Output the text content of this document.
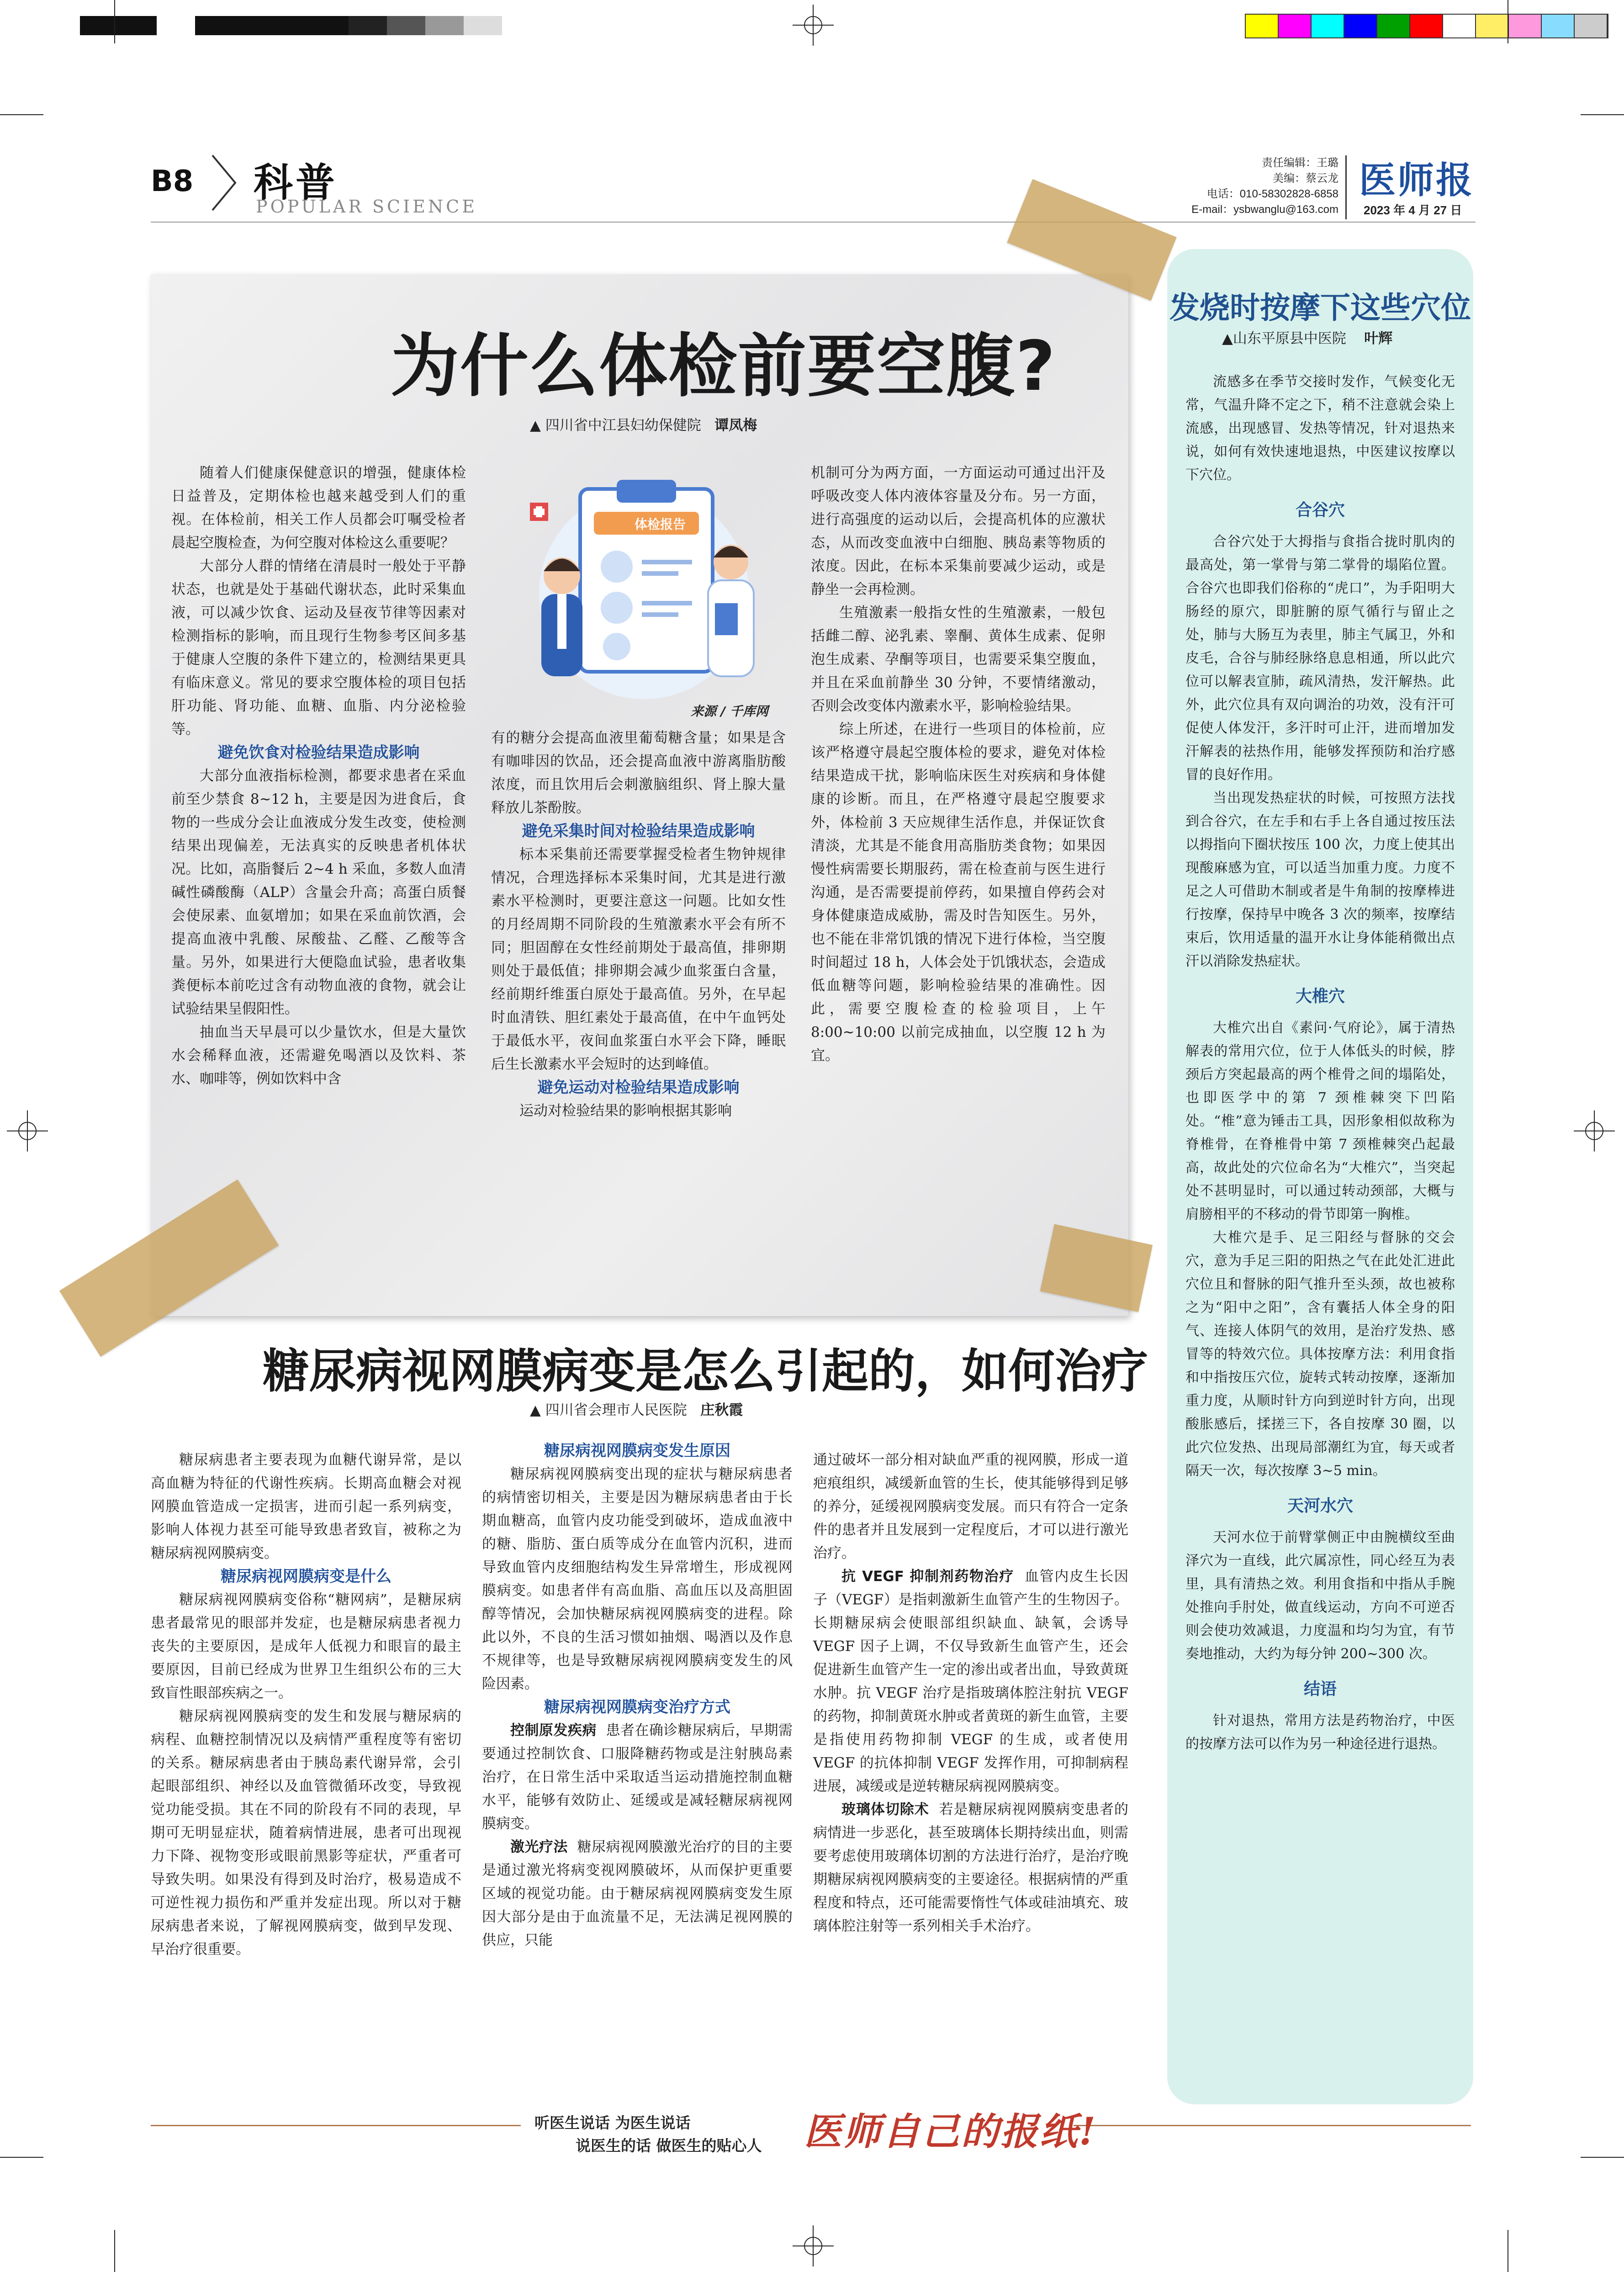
B8 科普
POPULAR SCIENCE
责任编辑：王璐
美编：蔡云龙
电话：010-58302828-6858
E-mail：ysbwanglu@163.com
医师报
2023 年 4 月 27 日
为什么体检前要空腹?
▲ 四川省中江县妇幼保健院 谭凤梅

随着人们健康保健意识的增强，健康体检日益普及，定期体检也越来越受到人们的重视。在体检前，相关工作人员都会叮嘱受检者晨起空腹检查，为何空腹对体检这么重要呢？

大部分人群的情绪在清晨时一般处于平静状态，也就是处于基础代谢状态，此时采集血液，可以减少饮食、运动及昼夜节律等因素对检测指标的影响，而且现行生物参考区间多基于健康人空腹的条件下建立的，检测结果更具有临床意义。常见的要求空腹体检的项目包括肝功能、肾功能、血糖、血脂、内分泌检验等。

避免饮食对检验结果造成影响

大部分血液指标检测，都要求患者在采血前至少禁食 8~12 h，主要是因为进食后，食物的一些成分会让血液成分发生改变，使检测结果出现偏差，无法真实的反映患者机体状况。比如，高脂餐后 2~4 h 采血，多数人血清碱性磷酸酶（ALP）含量会升高；高蛋白质餐会使尿素、血氨增加；如果在采血前饮酒，会提高血液中乳酸、尿酸盐、乙醛、乙酸等含量。另外，如果进行大便隐血试验，患者收集粪便标本前吃过含有动物血液的食物，就会让试验结果呈假阳性。

抽血当天早晨可以少量饮水，但是大量饮水会稀释血液，还需避免喝酒以及饮料、茶水、咖啡等，例如饮料中含

体检报告
来源 / 千库网

有的糖分会提高血液里葡萄糖含量；如果是含有咖啡因的饮品，还会提高血液中游离脂肪酸浓度，而且饮用后会刺激脑组织、肾上腺大量释放儿茶酚胺。

避免采集时间对检验结果造成影响

标本采集前还需要掌握受检者生物钟规律情况，合理选择标本采集时间，尤其是进行激素水平检测时，更要注意这一问题。比如女性的月经周期不同阶段的生殖激素水平会有所不同；胆固醇在女性经前期处于最高值，排卵期则处于最低值；排卵期会减少血浆蛋白含量，经前期纤维蛋白原处于最高值。另外，在早起时血清铁、胆红素处于最高值，在中午血钙处于最低水平，夜间血浆蛋白水平会下降，睡眠后生长激素水平会短时的达到峰值。

避免运动对检验结果造成影响

运动对检验结果的影响根据其影响

机制可分为两方面，一方面运动可通过出汗及呼吸改变人体内液体容量及分布。另一方面，进行高强度的运动以后，会提高机体的应激状态，从而改变血液中白细胞、胰岛素等物质的浓度。因此，在标本采集前要减少运动，或是静坐一会再检测。

生殖激素一般指女性的生殖激素，一般包括雌二醇、泌乳素、睾酮、黄体生成素、促卵泡生成素、孕酮等项目，也需要采集空腹血，并且在采血前静坐 30 分钟，不要情绪激动，否则会改变体内激素水平，影响检验结果。

综上所述，在进行一些项目的体检前，应该严格遵守晨起空腹体检的要求，避免对体检结果造成干扰，影响临床医生对疾病和身体健康的诊断。而且，在严格遵守晨起空腹要求外，体检前 3 天应规律生活作息，并保证饮食清淡，尤其是不能食用高脂肪类食物；如果因慢性病需要长期服药，需在检查前与医生进行沟通，是否需要提前停药，如果擅自停药会对身体健康造成威胁，需及时告知医生。另外，也不能在非常饥饿的情况下进行体检，当空腹时间超过 18 h，人体会处于饥饿状态，会造成低血糖等问题，影响检验结果的准确性。因此，需要空腹检查的检验项目，上午 8:00~10:00 以前完成抽血，以空腹 12 h 为宜。

糖尿病视网膜病变是怎么引起的，如何治疗
▲ 四川省会理市人民医院 庄秋霞

糖尿病患者主要表现为血糖代谢异常，是以高血糖为特征的代谢性疾病。长期高血糖会对视网膜血管造成一定损害，进而引起一系列病变，影响人体视力甚至可能导致患者致盲，被称之为糖尿病视网膜病变。

糖尿病视网膜病变是什么

糖尿病视网膜病变俗称“糖网病”，是糖尿病患者最常见的眼部并发症，也是糖尿病患者视力丧失的主要原因，是成年人低视力和眼盲的最主要原因，目前已经成为世界卫生组织公布的三大致盲性眼部疾病之一。

糖尿病视网膜病变的发生和发展与糖尿病的病程、血糖控制情况以及病情严重程度等有密切的关系。糖尿病患者由于胰岛素代谢异常，会引起眼部组织、神经以及血管微循环改变，导致视觉功能受损。其在不同的阶段有不同的表现，早期可无明显症状，随着病情进展，患者可出现视力下降、视物变形或眼前黑影等症状，严重者可导致失明。如果没有得到及时治疗，极易造成不可逆性视力损伤和严重并发症出现。所以对于糖尿病患者来说，了解视网膜病变，做到早发现、早治疗很重要。

糖尿病视网膜病变发生原因

糖尿病视网膜病变出现的症状与糖尿病患者的病情密切相关，主要是因为糖尿病患者由于长期血糖高，血管内皮功能受到破坏，造成血液中的糖、脂肪、蛋白质等成分在血管内沉积，进而导致血管内皮细胞结构发生异常增生，形成视网膜病变。如患者伴有高血脂、高血压以及高胆固醇等情况，会加快糖尿病视网膜病变的进程。除此以外，不良的生活习惯如抽烟、喝酒以及作息不规律等，也是导致糖尿病视网膜病变发生的风险因素。

糖尿病视网膜病变治疗方式

控制原发疾病 患者在确诊糖尿病后，早期需要通过控制饮食、口服降糖药物或是注射胰岛素治疗，在日常生活中采取适当运动措施控制血糖水平，能够有效防止、延缓或是减轻糖尿病视网膜病变。

激光疗法 糖尿病视网膜激光治疗的目的主要是通过激光将病变视网膜破坏，从而保护更重要区域的视觉功能。由于糖尿病视网膜病变发生原因大部分是由于血流量不足，无法满足视网膜的供应，只能

通过破坏一部分相对缺血严重的视网膜，形成一道疤痕组织，减缓新血管的生长，使其能够得到足够的养分，延缓视网膜病变发展。而只有符合一定条件的患者并且发展到一定程度后，才可以进行激光治疗。

抗 VEGF 抑制剂药物治疗 血管内皮生长因子（VEGF）是指刺激新生血管产生的生物因子。长期糖尿病会使眼部组织缺血、缺氧，会诱导 VEGF 因子上调，不仅导致新生血管产生，还会促进新生血管产生一定的渗出或者出血，导致黄斑水肿。抗 VEGF 治疗是指玻璃体腔注射抗 VEGF 的药物，抑制黄斑水肿或者黄斑的新生血管，主要是指使用药物抑制 VEGF 的生成，或者使用 VEGF 的抗体抑制 VEGF 发挥作用，可抑制病程进展，减缓或是逆转糖尿病视网膜病变。

玻璃体切除术 若是糖尿病视网膜病变患者的病情进一步恶化，甚至玻璃体长期持续出血，则需要考虑使用玻璃体切割的方法进行治疗，是治疗晚期糖尿病视网膜病变的主要途径。根据病情的严重程度和特点，还可能需要惰性气体或硅油填充、玻璃体腔注射等一系列相关手术治疗。

发烧时按摩下这些穴位
▲山东平原县中医院 叶辉

流感多在季节交接时发作，气候变化无常，气温升降不定之下，稍不注意就会染上流感，出现感冒、发热等情况，针对退热来说，如何有效快速地退热，中医建议按摩以下穴位。

合谷穴

合谷穴处于大拇指与食指合拢时肌肉的最高处，第一掌骨与第二掌骨的塌陷位置。合谷穴也即我们俗称的“虎口”，为手阳明大肠经的原穴，即脏腑的原气循行与留止之处，肺与大肠互为表里，肺主气属卫，外和皮毛，合谷与肺经脉络息息相通，所以此穴位可以解表宣肺，疏风清热，发汗解热。此外，此穴位具有双向调治的功效，没有汗可促使人体发汗，多汗时可止汗，进而增加发汗解表的祛热作用，能够发挥预防和治疗感冒的良好作用。

当出现发热症状的时候，可按照方法找到合谷穴，在左手和右手上各自通过按压法以拇指向下圈状按压 100 次，力度上使其出现酸麻感为宜，可以适当加重力度。力度不足之人可借助木制或者是牛角制的按摩棒进行按摩，保持早中晚各 3 次的频率，按摩结束后，饮用适量的温开水让身体能稍微出点汗以消除发热症状。

大椎穴

大椎穴出自《素问·气府论》，属于清热解表的常用穴位，位于人体低头的时候，脖颈后方突起最高的两个椎骨之间的塌陷处，也即医学中的第 7 颈椎棘突下凹陷处。“椎”意为锤击工具，因形象相似故称为脊椎骨，在脊椎骨中第 7 颈椎棘突凸起最高，故此处的穴位命名为“大椎穴”，当突起处不甚明显时，可以通过转动颈部，大概与肩膀相平的不移动的骨节即第一胸椎。

大椎穴是手、足三阳经与督脉的交会穴，意为手足三阳的阳热之气在此处汇进此穴位且和督脉的阳气推升至头颈，故也被称之为“阳中之阳”，含有囊括人体全身的阳气、连接人体阴气的效用，是治疗发热、感冒等的特效穴位。具体按摩方法：利用食指和中指按压穴位，旋转式转动按摩，逐渐加重力度，从顺时针方向到逆时针方向，出现酸胀感后，揉搓三下，各自按摩 30 圈，以此穴位发热、出现局部潮红为宜，每天或者隔天一次，每次按摩 3~5 min。

天河水穴

天河水位于前臂掌侧正中由腕横纹至曲泽穴为一直线，此穴属凉性，同心经互为表里，具有清热之效。利用食指和中指从手腕处推向手肘处，做直线运动，方向不可逆否则会使功效减退，力度温和均匀为宜，有节奏地推动，大约为每分钟 200~300 次。

结语

针对退热，常用方法是药物治疗，中医的按摩方法可以作为另一种途径进行退热。

听医生说话 为医生说话
说医生的话 做医生的贴心人 医师自己的报纸!
